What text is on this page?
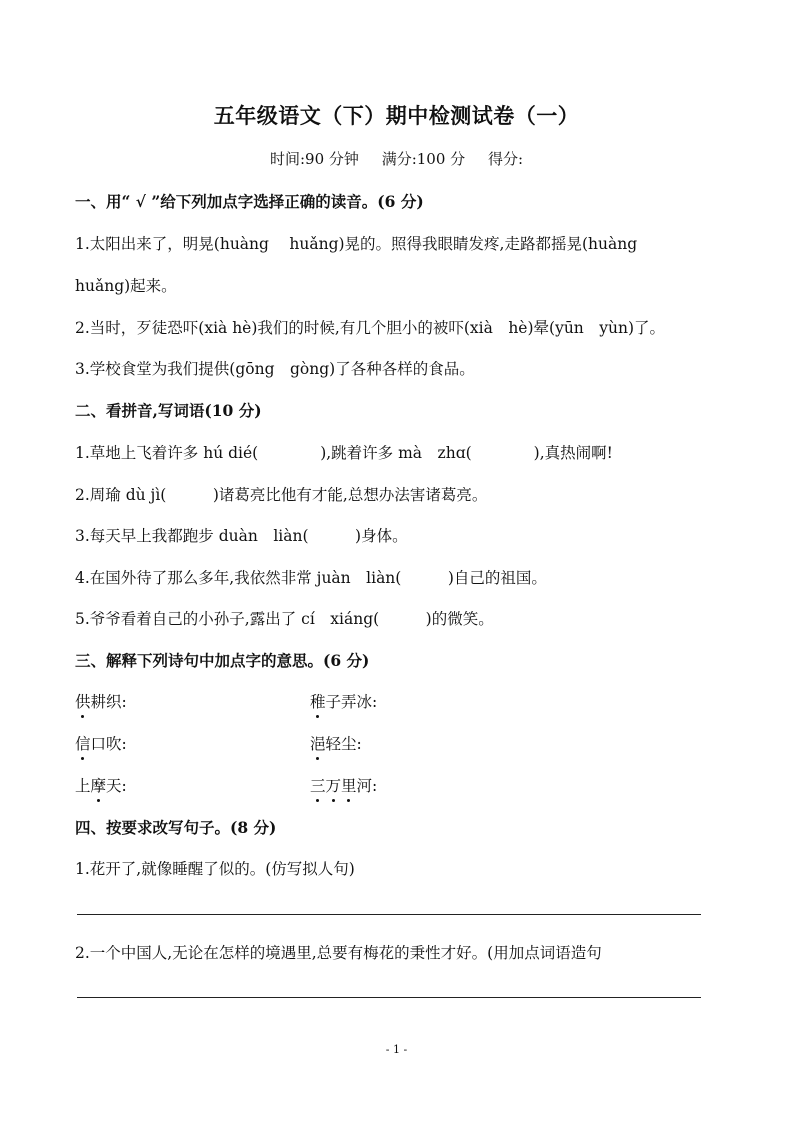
五年级语文（下）期中检测试卷（一）
时间:90 分钟 满分:100 分 得分:
一、用“ √ ”给下列加点字选择正确的读音。(6 分)
1.太阳出来了，明晃(huàng　 huǎng)晃的。照得我眼睛发疼,走路都摇晃(huàng
huǎng)起来。
2.当时，歹徒恐吓(xià hè)我们的时候,有几个胆小的被吓(xià　hè)晕(yūn　yùn)了。
3.学校食堂为我们提供(gōng　gòng)了各种各样的食品。
二、看拼音,写词语(10 分)
1.草地上飞着许多 hú dié(　　　　),跳着许多 mà　zhɑ(　　　　),真热闹啊!
2.周瑜 dù jì(　　　)诸葛亮比他有才能,总想办法害诸葛亮。
3.每天早上我都跑步 duàn　liàn(　　　)身体。
4.在国外待了那么多年,我依然非常 juàn　liàn(　　　)自己的祖国。
5.爷爷看着自己的小孙子,露出了 cí　xiáng(　　　)的微笑。
三、解释下列诗句中加点字的意思。(6 分)
供耕织:	稚子弄冰:
信口吹:	浥轻尘:
上摩天:	三万里河:
四、按要求改写句子。(8 分)
1.花开了,就像睡醒了似的。(仿写拟人句)
2.一个中国人,无论在怎样的境遇里,总要有梅花的秉性才好。(用加点词语造句
- 1 -
